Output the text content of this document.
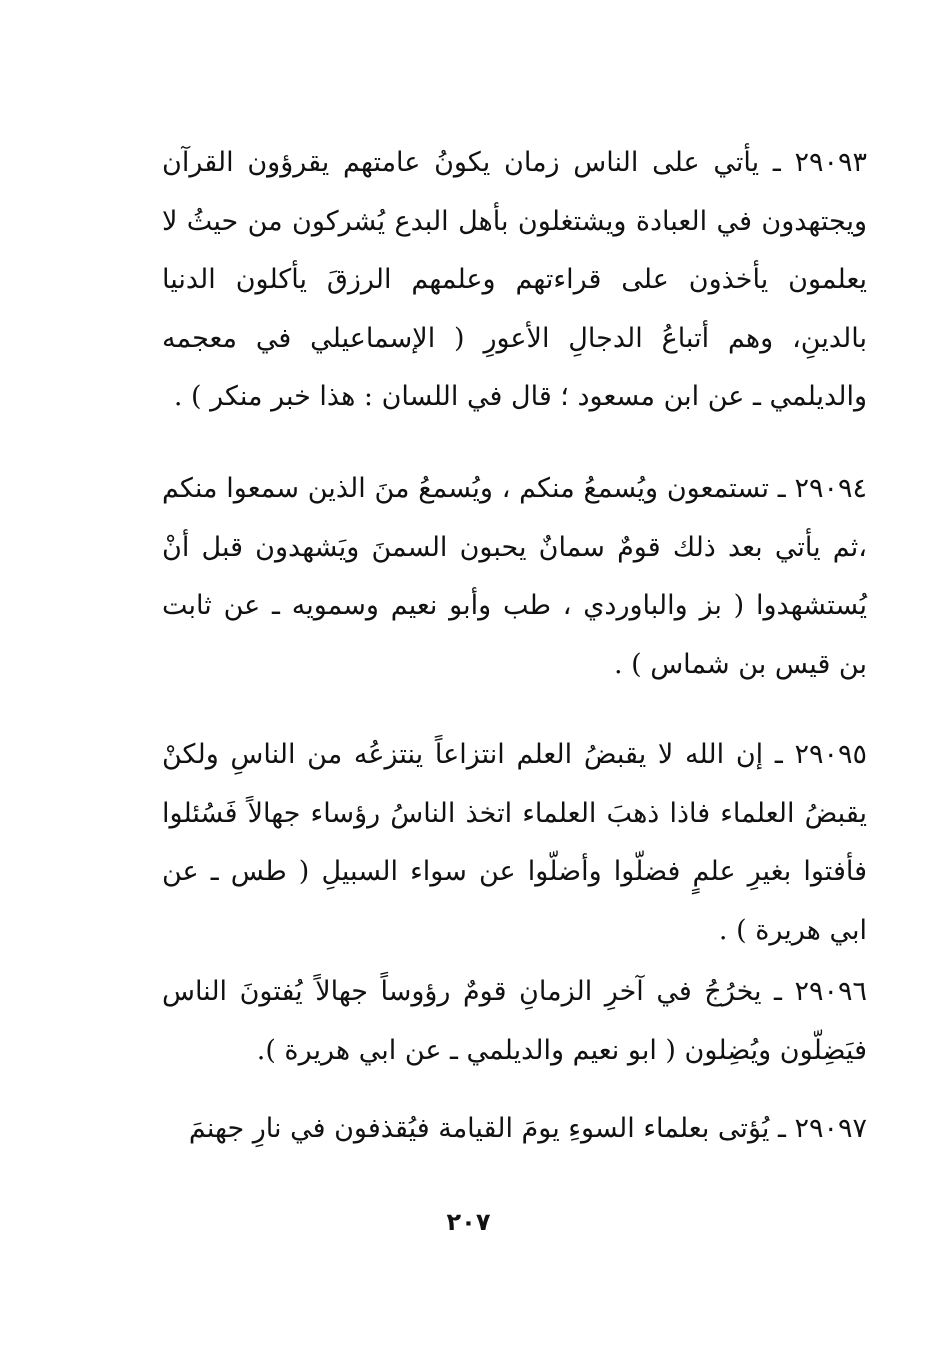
٢٩٠٩٣ ـ يأتي على الناس زمان يكونُ عامتهم يقرؤون القرآن ويجتهدون في العبادة ويشتغلون بأهل البدع يُشركون من حيثُ لا يعلمون يأخذون على قراءتهم وعلمهم الرزقَ يأكلون الدنيا بالدينِ، وهم أتباعُ الدجالِ الأعورِ ( الإسماعيلي في معجمه والديلمي ـ عن ابن مسعود ؛ قال في اللسان : هذا خبر منكر ) .

٢٩٠٩٤ ـ تستمعون ويُسمعُ منكم ، ويُسمعُ منَ الذين سمعوا منكم ،ثم يأتي بعد ذلك قومٌ سمانٌ يحبون السمنَ ويَشهدون قبل أنْ يُستشهدوا ( بز والباوردي ، طب وأبو نعيم وسمويه ـ عن ثابت بن قيس بن شماس ) .

٢٩٠٩٥ ـ إن الله لا يقبضُ العلم انتزاعاً ينتزعُه من الناسِ ولكنْ يقبضُ العلماء فاذا ذهبَ العلماء اتخذ الناسُ رؤساء جهالاً فَسُئلوا فأفتوا بغيرِ علمٍ فضلّوا وأضلّوا عن سواء السبيلِ ( طس ـ عن ابي هريرة ) .

٢٩٠٩٦ ـ يخرُجُ في آخرِ الزمانِ قومٌ رؤوساً جهالاً يُفتونَ الناس فيَضِلّون ويُضِلون ( ابو نعيم والديلمي ـ عن ابي هريرة ).

٢٩٠٩٧ ـ يُؤتى بعلماء السوءِ يومَ القيامة فيُقذفون في نارِ جهنمَ

٢٠٧
